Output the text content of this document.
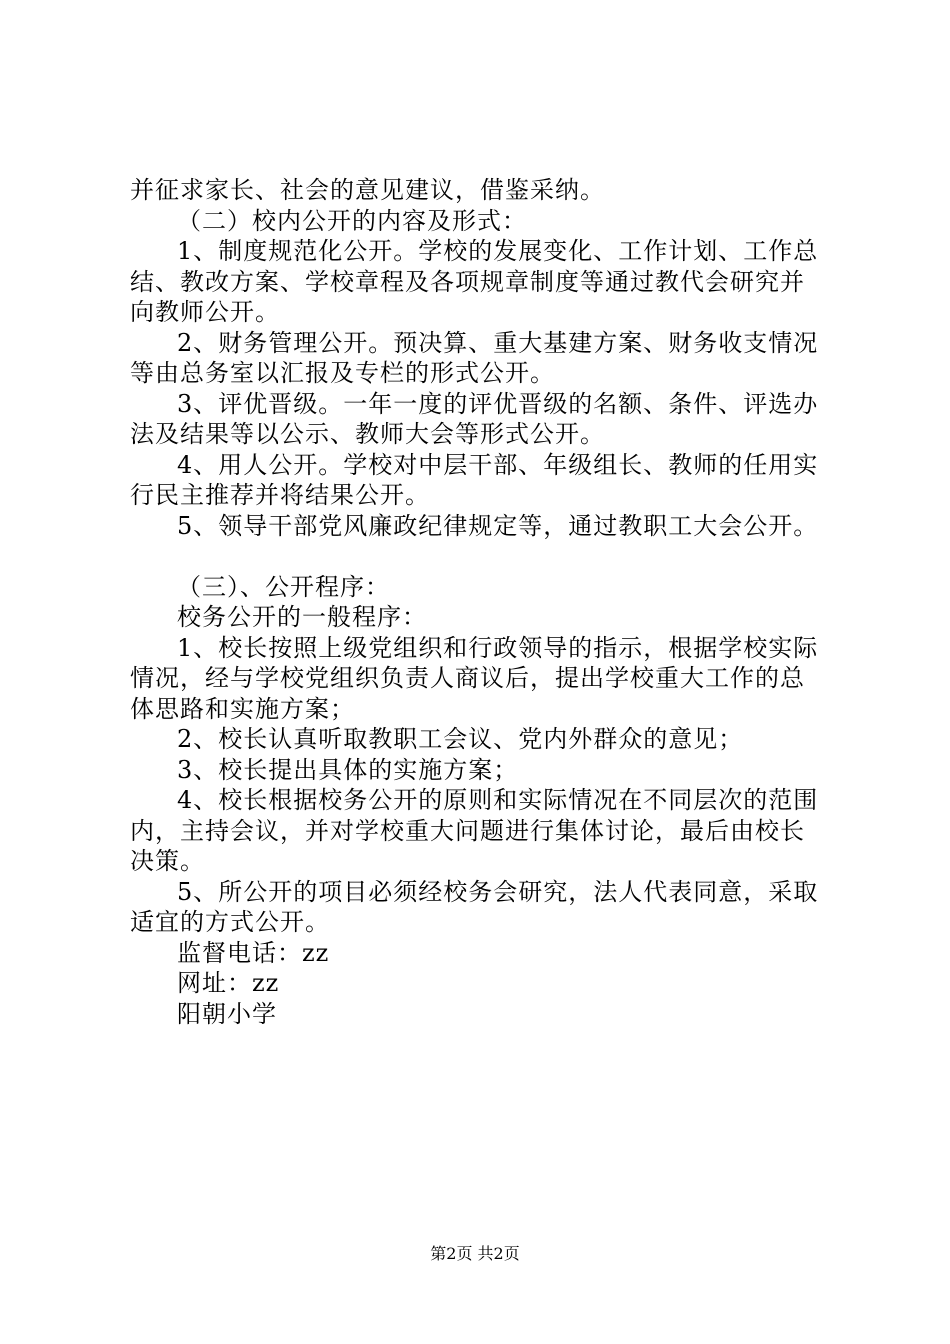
并征求家长、社会的意见建议，借鉴采纳。
（二）校内公开的内容及形式：
1、制度规范化公开。学校的发展变化、工作计划、工作总
结、教改方案、学校章程及各项规章制度等通过教代会研究并
向教师公开。
2、财务管理公开。预决算、重大基建方案、财务收支情况
等由总务室以汇报及专栏的形式公开。
3、评优晋级。一年一度的评优晋级的名额、条件、评选办
法及结果等以公示、教师大会等形式公开。
4、用人公开。学校对中层干部、年级组长、教师的任用实
行民主推荐并将结果公开。
5、领导干部党风廉政纪律规定等，通过教职工大会公开。
（三）、公开程序：
校务公开的一般程序：
1、校长按照上级党组织和行政领导的指示，根据学校实际
情况，经与学校党组织负责人商议后，提出学校重大工作的总
体思路和实施方案；
2、校长认真听取教职工会议、党内外群众的意见；
3、校长提出具体的实施方案；
4、校长根据校务公开的原则和实际情况在不同层次的范围
内，主持会议，并对学校重大问题进行集体讨论，最后由校长
决策。
5、所公开的项目必须经校务会研究，法人代表同意，采取
适宜的方式公开。
监督电话：zz
网址：zz
阳朝小学
第2页 共2页
